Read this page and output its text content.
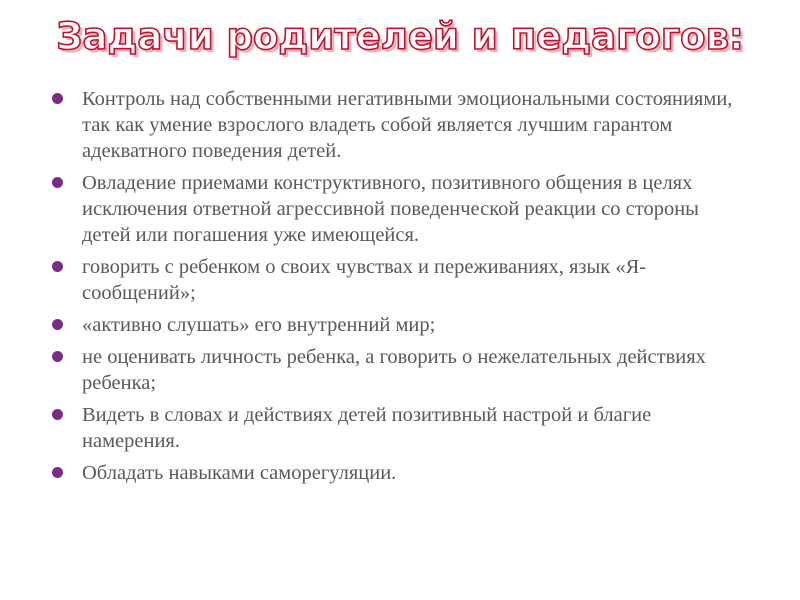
Задачи родителей и педагогов:
Контроль над собственными негативными эмоциональными состояниями, так как умение взрослого владеть собой является лучшим гарантом адекватного поведения детей.
Овладение приемами конструктивного, позитивного общения в целях исключения ответной агрессивной поведенческой реакции со стороны детей или погашения уже имеющейся.
говорить с ребенком о своих чувствах и переживаниях, язык «Я-сообщений»;
«активно слушать» его внутренний мир;
не оценивать личность ребенка, а говорить о нежелательных действиях ребенка;
Видеть в словах и действиях детей позитивный настрой и благие намерения.
Обладать навыками саморегуляции.
